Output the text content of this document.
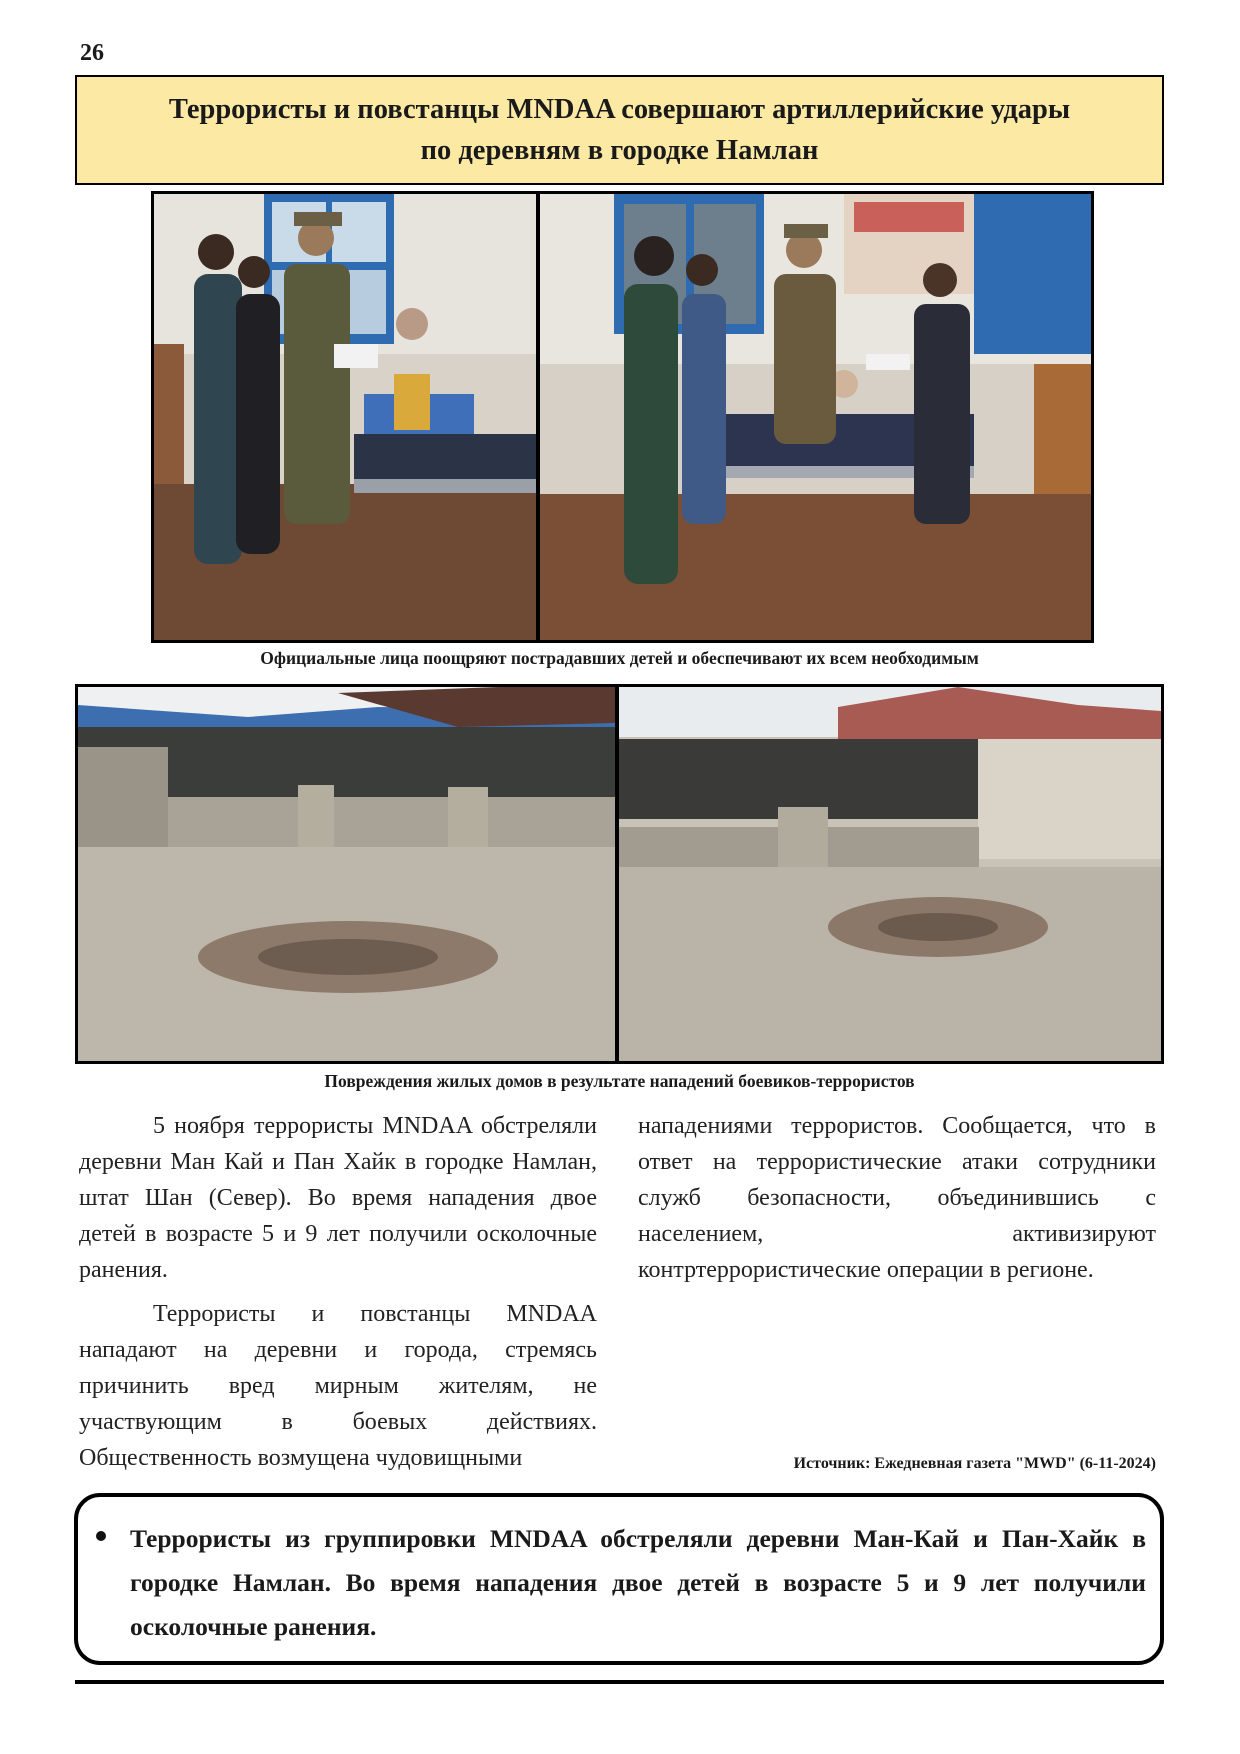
26
Террористы и повстанцы MNDAA совершают артиллерийские удары
по деревням в городке Намлан
Официальные лица поощряют пострадавших детей и обеспечивают их всем необходимым
Повреждения жилых домов в результате нападений боевиков-террористов

5 ноября террористы MNDAA обстреляли деревни Ман Кай и Пан Хайк в городке Намлан, штат Шан (Север). Во время нападения двое детей в возрасте 5 и 9 лет получили осколочные ранения.

Террористы и повстанцы MNDAA нападают на деревни и города, стремясь причинить вред мирным жителям, не участвующим в боевых действиях. Общественность возмущена чудовищными

нападениями террористов. Сообщается, что в ответ на террористические атаки сотрудники служб безопасности, объединившись с населением, активизируют контртеррористические операции в регионе.

Источник: Ежедневная газета "MWD" (6-11-2024)
Террористы из группировки MNDAA обстреляли деревни Ман-Кай и Пан-Хайк в городке Намлан. Во время нападения двое детей в возрасте 5 и 9 лет получили осколочные ранения.
